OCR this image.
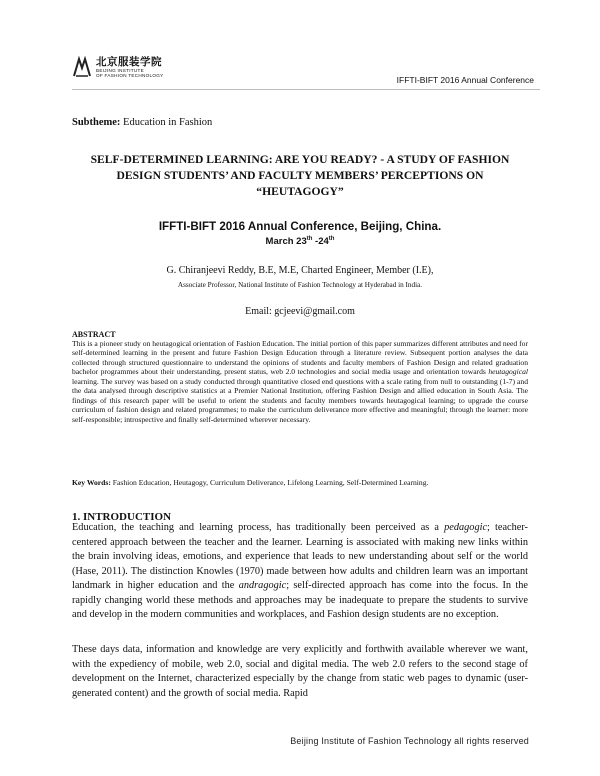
北京服装学院
BEIJING INSTITUTE
OF FASHION TECHNOLOGY	IFFTI-BIFT 2016 Annual Conference
Subtheme: Education in Fashion
SELF-DETERMINED LEARNING: ARE YOU READY? - A STUDY OF FASHION DESIGN STUDENTS’ AND FACULTY MEMBERS’ PERCEPTIONS ON “HEUTAGOGY”
IFFTI-BIFT 2016 Annual Conference, Beijing, China.
March 23th -24th
G. Chiranjeevi Reddy, B.E, M.E, Charted Engineer, Member (I.E),
Associate Professor, National Institute of Fashion Technology at Hyderabad in India.
Email: gcjeevi@gmail.com
ABSTRACT

This is a pioneer study on heutagogical orientation of Fashion Education. The initial portion of this paper summarizes different attributes and need for self-determined learning in the present and future Fashion Design Education through a literature review. Subsequent portion analyses the data collected through structured questionnaire to understand the opinions of students and faculty members of Fashion Design and related graduation bachelor programmes about their understanding, present status, web 2.0 technologies and social media usage and orientation towards heutagogical learning. The survey was based on a study conducted through quantitative closed end questions with a scale rating from null to outstanding (1-7) and the data analysed through descriptive statistics at a Premier National Institution, offering Fashion Design and allied education in South Asia. The findings of this research paper will be useful to orient the students and faculty members towards heutagogical learning; to upgrade the course curriculum of fashion design and related programmes; to make the curriculum deliverance more effective and meaningful; through the learner: more self-responsible; introspective and finally self-determined wherever necessary.

Key Words: Fashion Education, Heutagogy, Curriculum Deliverance, Lifelong Learning, Self-Determined Learning.

1. INTRODUCTION

Education, the teaching and learning process, has traditionally been perceived as a pedagogic; teacher-centered approach between the teacher and the learner. Learning is associated with making new links within the brain involving ideas, emotions, and experience that leads to new understanding about self or the world (Hase, 2011). The distinction Knowles (1970) made between how adults and children learn was an important landmark in higher education and the andragogic; self-directed approach has come into the focus. In the rapidly changing world these methods and approaches may be inadequate to prepare the students to survive and develop in the modern communities and workplaces, and Fashion design students are no exception.

These days data, information and knowledge are very explicitly and forthwith available wherever we want, with the expediency of mobile, web 2.0, social and digital media. The web 2.0 refers to the second stage of development on the Internet, characterized especially by the change from static web pages to dynamic (user-generated content) and the growth of social media. Rapid

Beijing Institute of Fashion Technology all rights reserved
